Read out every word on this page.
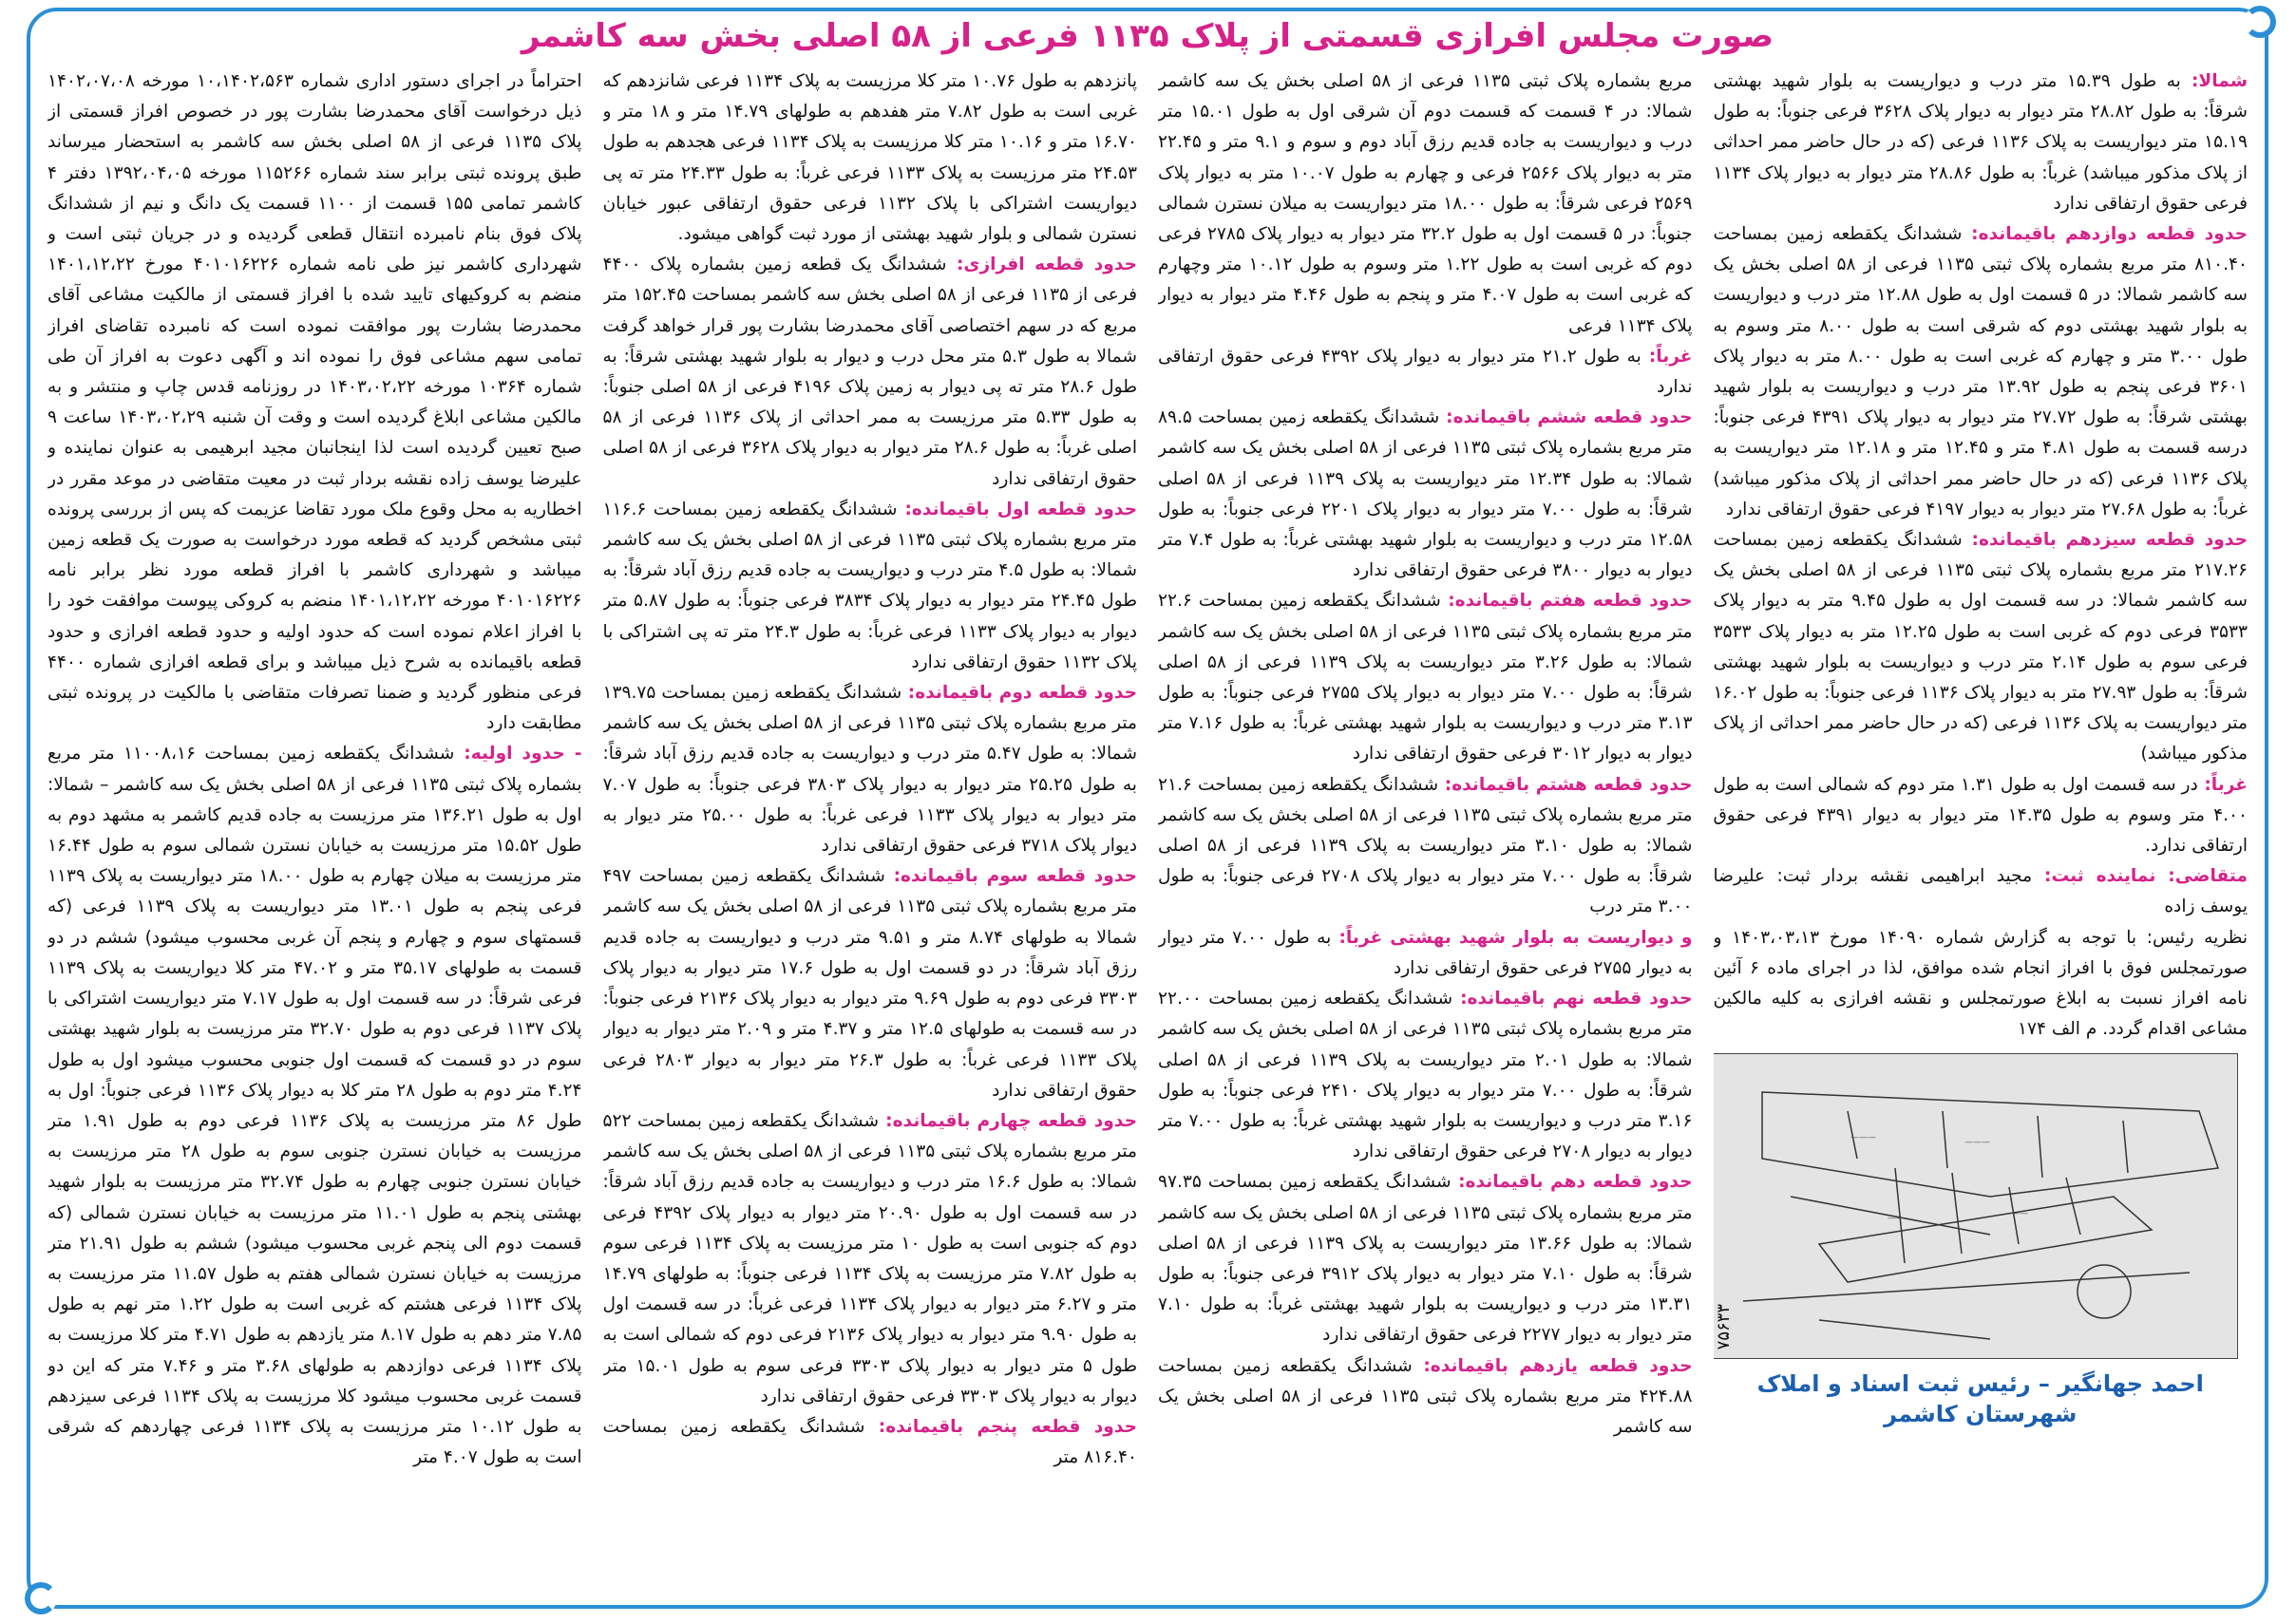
صورت مجلس افرازی قسمتی از پلاک ۱۱۳۵ فرعی از ۵۸ اصلی بخش سه کاشمر

احتراماً در اجرای دستور اداری شماره ۱۰،۱۴۰۲،۵۶۳ مورخه ۱۴۰۲،۰۷،۰۸ ذیل درخواست آقای محمدرضا بشارت پور در خصوص افراز قسمتی از پلاک ۱۱۳۵ فرعی از ۵۸ اصلی بخش سه کاشمر به استحضار میرساند طبق پرونده ثبتی برابر سند شماره ۱۱۵۲۶۶ مورخه ۱۳۹۲،۰۴،۰۵ دفتر ۴ کاشمر تمامی ۱۵۵ قسمت از ۱۱۰۰ قسمت یک دانگ و نیم از ششدانگ پلاک فوق بنام نامبرده انتقال قطعی گردیده و در جریان ثبتی است و شهرداری کاشمر نیز طی نامه شماره ۴۰۱۰۱۶۲۲۶ مورخ ۱۴۰۱،۱۲،۲۲ منضم به کروکیهای تایید شده با افراز قسمتی از مالکیت مشاعی آقای محمدرضا بشارت پور موافقت نموده است که نامبرده تقاضای افراز تمامی سهم مشاعی فوق را نموده اند و آگهی دعوت به افراز آن طی شماره ۱۰۳۶۴ مورخه ۱۴۰۳،۰۲،۲۲ در روزنامه قدس چاپ و منتشر و به مالکین مشاعی ابلاغ گردیده است و وقت آن شنبه ۱۴۰۳،۰۲،۲۹ ساعت ۹ صبح تعیین گردیده است لذا اینجانبان مجید ابرهیمی به عنوان نماینده و علیرضا یوسف زاده نقشه بردار ثبت در معیت متقاضی در موعد مقرر در اخطاریه به محل وقوع ملک مورد تقاضا عزیمت که پس از بررسی پرونده ثبتی مشخص گردید که قطعه مورد درخواست به صورت یک قطعه زمین میباشد و شهرداری کاشمر با افراز قطعه مورد نظر برابر نامه ۴۰۱۰۱۶۲۲۶ مورخه ۱۴۰۱،۱۲،۲۲ منضم به کروکی پیوست موافقت خود را با افراز اعلام نموده است که حدود اولیه و حدود قطعه افرازی و حدود قطعه باقیمانده به شرح ذیل میباشد و برای قطعه افرازی شماره ۴۴۰۰ فرعی منظور گردید و ضمنا تصرفات متقاضی با مالکیت در پرونده ثبتی مطابقت دارد

- حدود اولیه: ششدانگ یکقطعه زمین بمساحت ۱۱۰۰۸،۱۶ متر مربع بشماره پلاک ثبتی ۱۱۳۵ فرعی از ۵۸ اصلی بخش یک سه کاشمر – شمالا: اول به طول ۱۳۶.۲۱ متر مرزیست به جاده قدیم کاشمر به مشهد دوم به طول ۱۵.۵۲ متر مرزیست به خیابان نسترن شمالی سوم به طول ۱۶.۴۴ متر مرزیست به میلان چهارم به طول ۱۸.۰۰ متر دیواریست به پلاک ۱۱۳۹ فرعی پنجم به طول ۱۳.۰۱ متر دیواریست به پلاک ۱۱۳۹ فرعی (که قسمتهای سوم و چهارم و پنجم آن غربی محسوب میشود) ششم در دو قسمت به طولهای ۳۵.۱۷ متر و ۴۷.۰۲ متر کلا دیواریست به پلاک ۱۱۳۹ فرعی شرقاً: در سه قسمت اول به طول ۷.۱۷ متر دیواریست اشتراکی با پلاک ۱۱۳۷ فرعی دوم به طول ۳۲.۷۰ متر مرزیست به بلوار شهید بهشتی سوم در دو قسمت که قسمت اول جنوبی محسوب میشود اول به طول ۴.۲۴ متر دوم به طول ۲۸ متر کلا به دیوار پلاک ۱۱۳۶ فرعی جنوباً: اول به طول ۸۶ متر مرزیست به پلاک ۱۱۳۶ فرعی دوم به طول ۱.۹۱ متر مرزیست به خیابان نسترن جنوبی سوم به طول ۲۸ متر مرزیست به خیابان نسترن جنوبی چهارم به طول ۳۲.۷۴ متر مرزیست به بلوار شهید بهشتی پنجم به طول ۱۱.۰۱ متر مرزیست به خیابان نسترن شمالی (که قسمت دوم الی پنجم غربی محسوب میشود) ششم به طول ۲۱.۹۱ متر مرزیست به خیابان نسترن شمالی هفتم به طول ۱۱.۵۷ متر مرزیست به پلاک ۱۱۳۴ فرعی هشتم که غربی است به طول ۱.۲۲ متر نهم به طول ۷.۸۵ متر دهم به طول ۸.۱۷ متر یازدهم به طول ۴.۷۱ متر کلا مرزیست به پلاک ۱۱۳۴ فرعی دوازدهم به طولهای ۳.۶۸ متر و ۷.۴۶ متر که این دو قسمت غربی محسوب میشود کلا مرزیست به پلاک ۱۱۳۴ فرعی سیزدهم به طول ۱۰.۱۲ متر مرزیست به پلاک ۱۱۳۴ فرعی چهاردهم که شرقی است به طول ۴.۰۷ متر

پانزدهم به طول ۱۰.۷۶ متر کلا مرزیست به پلاک ۱۱۳۴ فرعی شانزدهم که غربی است به طول ۷.۸۲ متر هفدهم به طولهای ۱۴.۷۹ متر و ۱۸ متر و ۱۶.۷۰ متر و ۱۰.۱۶ متر کلا مرزیست به پلاک ۱۱۳۴ فرعی هجدهم به طول ۲۴.۵۳ متر مرزیست به پلاک ۱۱۳۳ فرعی غرباً: به طول ۲۴.۳۳ متر ته پی دیواریست اشتراکی با پلاک ۱۱۳۲ فرعی حقوق ارتفاقی عبور خیابان نسترن شمالی و بلوار شهید بهشتی از مورد ثبت گواهی میشود.

حدود قطعه افرازی: ششدانگ یک قطعه زمین بشماره پلاک ۴۴۰۰ فرعی از ۱۱۳۵ فرعی از ۵۸ اصلی بخش سه کاشمر بمساحت ۱۵۲.۴۵ متر مربع که در سهم اختصاصی آقای محمدرضا بشارت پور قرار خواهد گرفت شمالا به طول ۵.۳ متر محل درب و دیوار به بلوار شهید بهشتی شرقاً: به طول ۲۸.۶ متر ته پی دیوار به زمین پلاک ۴۱۹۶ فرعی از ۵۸ اصلی جنوباً: به طول ۵.۳۳ متر مرزیست به ممر احداثی از پلاک ۱۱۳۶ فرعی از ۵۸ اصلی غرباً: به طول ۲۸.۶ متر دیوار به دیوار پلاک ۳۶۲۸ فرعی از ۵۸ اصلی حقوق ارتفاقی ندارد

حدود قطعه اول باقیمانده: ششدانگ یکقطعه زمین بمساحت ۱۱۶.۶ متر مربع بشماره پلاک ثبتی ۱۱۳۵ فرعی از ۵۸ اصلی بخش یک سه کاشمر شمالا: به طول ۴.۵ متر درب و دیواریست به جاده قدیم رزق آباد شرقاً: به طول ۲۴.۴۵ متر دیوار به دیوار پلاک ۳۸۳۴ فرعی جنوباً: به طول ۵.۸۷ متر دیوار به دیوار پلاک ۱۱۳۳ فرعی غرباً: به طول ۲۴.۳ متر ته پی اشتراکی با پلاک ۱۱۳۲ حقوق ارتفاقی ندارد

حدود قطعه دوم باقیمانده: ششدانگ یکقطعه زمین بمساحت ۱۳۹.۷۵ متر مربع بشماره پلاک ثبتی ۱۱۳۵ فرعی از ۵۸ اصلی بخش یک سه کاشمر شمالا: به طول ۵.۴۷ متر درب و دیواریست به جاده قدیم رزق آباد شرقاً: به طول ۲۵.۲۵ متر دیوار به دیوار پلاک ۳۸۰۳ فرعی جنوباً: به طول ۷.۰۷ متر دیوار به دیوار پلاک ۱۱۳۳ فرعی غرباً: به طول ۲۵.۰۰ متر دیوار به دیوار پلاک ۳۷۱۸ فرعی حقوق ارتفاقی ندارد

حدود قطعه سوم باقیمانده: ششدانگ یکقطعه زمین بمساحت ۴۹۷ متر مربع بشماره پلاک ثبتی ۱۱۳۵ فرعی از ۵۸ اصلی بخش یک سه کاشمر شمالا به طولهای ۸.۷۴ متر و ۹.۵۱ متر درب و دیواریست به جاده قدیم رزق آباد شرقاً: در دو قسمت اول به طول ۱۷.۶ متر دیوار به دیوار پلاک ۳۳۰۳ فرعی دوم به طول ۹.۶۹ متر دیوار به دیوار پلاک ۲۱۳۶ فرعی جنوباً: در سه قسمت به طولهای ۱۲.۵ متر و ۴.۳۷ متر و ۲.۰۹ متر دیوار به دیوار پلاک ۱۱۳۳ فرعی غرباً: به طول ۲۶.۳ متر دیوار به دیوار ۲۸۰۳ فرعی حقوق ارتفاقی ندارد

حدود قطعه چهارم باقیمانده: ششدانگ یکقطعه زمین بمساحت ۵۲۲ متر مربع بشماره پلاک ثبتی ۱۱۳۵ فرعی از ۵۸ اصلی بخش یک سه کاشمر شمالا: به طول ۱۶.۶ متر درب و دیواریست به جاده قدیم رزق آباد شرقاً: در سه قسمت اول به طول ۲۰.۹۰ متر دیوار به دیوار پلاک ۴۳۹۲ فرعی دوم که جنوبی است به طول ۱۰ متر مرزیست به پلاک ۱۱۳۴ فرعی سوم به طول ۷.۸۲ متر مرزیست به پلاک ۱۱۳۴ فرعی جنوباً: به طولهای ۱۴.۷۹ متر و ۶.۲۷ متر دیوار به دیوار پلاک ۱۱۳۴ فرعی غرباً: در سه قسمت اول به طول ۹.۹۰ متر دیوار به دیوار پلاک ۲۱۳۶ فرعی دوم که شمالی است به طول ۵ متر دیوار به دیوار پلاک ۳۳۰۳ فرعی سوم به طول ۱۵.۰۱ متر دیوار به دیوار پلاک ۳۳۰۳ فرعی حقوق ارتفاقی ندارد

حدود قطعه پنجم باقیمانده: ششدانگ یکقطعه زمین بمساحت ۸۱۶.۴۰ متر

مربع بشماره پلاک ثبتی ۱۱۳۵ فرعی از ۵۸ اصلی بخش یک سه کاشمر شمالا: در ۴ قسمت که قسمت دوم آن شرقی اول به طول ۱۵.۰۱ متر درب و دیواریست به جاده قدیم رزق آباد دوم و سوم و ۹.۱ متر و ۲۲.۴۵ متر به دیوار پلاک ۲۵۶۶ فرعی و چهارم به طول ۱۰.۰۷ متر به دیوار پلاک ۲۵۶۹ فرعی شرقاً: به طول ۱۸.۰۰ متر دیواریست به میلان نسترن شمالی جنوباً: در ۵ قسمت اول به طول ۳۲.۲ متر دیوار به دیوار پلاک ۲۷۸۵ فرعی دوم که غربی است به طول ۱.۲۲ متر وسوم به طول ۱۰.۱۲ متر وچهارم که غربی است به طول ۴.۰۷ متر و پنجم به طول ۴.۴۶ متر دیوار به دیوار پلاک ۱۱۳۴ فرعی

غرباً: به طول ۲۱.۲ متر دیوار به دیوار پلاک ۴۳۹۲ فرعی حقوق ارتفاقی ندارد

حدود قطعه ششم باقیمانده: ششدانگ یکقطعه زمین بمساحت ۸۹.۵ متر مربع بشماره پلاک ثبتی ۱۱۳۵ فرعی از ۵۸ اصلی بخش یک سه کاشمر شمالا: به طول ۱۲.۳۴ متر دیواریست به پلاک ۱۱۳۹ فرعی از ۵۸ اصلی شرقاً: به طول ۷.۰۰ متر دیوار به دیوار پلاک ۲۲۰۱ فرعی جنوباً: به طول ۱۲.۵۸ متر درب و دیواریست به بلوار شهید بهشتی غرباً: به طول ۷.۴ متر دیوار به دیوار ۳۸۰۰ فرعی حقوق ارتفاقی ندارد

حدود قطعه هفتم باقیمانده: ششدانگ یکقطعه زمین بمساحت ۲۲.۶ متر مربع بشماره پلاک ثبتی ۱۱۳۵ فرعی از ۵۸ اصلی بخش یک سه کاشمر شمالا: به طول ۳.۲۶ متر دیواریست به پلاک ۱۱۳۹ فرعی از ۵۸ اصلی شرقاً: به طول ۷.۰۰ متر دیوار به دیوار پلاک ۲۷۵۵ فرعی جنوباً: به طول ۳.۱۳ متر درب و دیواریست به بلوار شهید بهشتی غرباً: به طول ۷.۱۶ متر دیوار به دیوار ۳۰۱۲ فرعی حقوق ارتفاقی ندارد

حدود قطعه هشتم باقیمانده: ششدانگ یکقطعه زمین بمساحت ۲۱.۶ متر مربع بشماره پلاک ثبتی ۱۱۳۵ فرعی از ۵۸ اصلی بخش یک سه کاشمر شمالا: به طول ۳.۱۰ متر دیواریست به پلاک ۱۱۳۹ فرعی از ۵۸ اصلی شرقاً: به طول ۷.۰۰ متر دیوار به دیوار پلاک ۲۷۰۸ فرعی جنوباً: به طول ۳.۰۰ متر درب

و دیواریست به بلوار شهید بهشتی غرباً: به طول ۷.۰۰ متر دیوار به دیوار ۲۷۵۵ فرعی حقوق ارتفاقی ندارد

حدود قطعه نهم باقیمانده: ششدانگ یکقطعه زمین بمساحت ۲۲.۰۰ متر مربع بشماره پلاک ثبتی ۱۱۳۵ فرعی از ۵۸ اصلی بخش یک سه کاشمر شمالا: به طول ۲.۰۱ متر دیواریست به پلاک ۱۱۳۹ فرعی از ۵۸ اصلی شرقاً: به طول ۷.۰۰ متر دیوار به دیوار پلاک ۲۴۱۰ فرعی جنوباً: به طول ۳.۱۶ متر درب و دیواریست به بلوار شهید بهشتی غرباً: به طول ۷.۰۰ متر دیوار به دیوار ۲۷۰۸ فرعی حقوق ارتفاقی ندارد

حدود قطعه دهم باقیمانده: ششدانگ یکقطعه زمین بمساحت ۹۷.۳۵ متر مربع بشماره پلاک ثبتی ۱۱۳۵ فرعی از ۵۸ اصلی بخش یک سه کاشمر شمالا: به طول ۱۳.۶۶ متر دیواریست به پلاک ۱۱۳۹ فرعی از ۵۸ اصلی شرقاً: به طول ۷.۱۰ متر دیوار به دیوار پلاک ۳۹۱۲ فرعی جنوباً: به طول ۱۳.۳۱ متر درب و دیواریست به بلوار شهید بهشتی غرباً: به طول ۷.۱۰ متر دیوار به دیوار ۲۲۷۷ فرعی حقوق ارتفاقی ندارد

حدود قطعه یازدهم باقیمانده: ششدانگ یکقطعه زمین بمساحت ۴۲۴.۸۸ متر مربع بشماره پلاک ثبتی ۱۱۳۵ فرعی از ۵۸ اصلی بخش یک سه کاشمر

شمالا: به طول ۱۵.۳۹ متر درب و دیواریست به بلوار شهید بهشتی شرقاً: به طول ۲۸.۸۲ متر دیوار به دیوار پلاک ۳۶۲۸ فرعی جنوباً: به طول ۱۵.۱۹ متر دیواریست به پلاک ۱۱۳۶ فرعی (که در حال حاضر ممر احداثی از پلاک مذکور میباشد) غرباً: به طول ۲۸.۸۶ متر دیوار به دیوار پلاک ۱۱۳۴ فرعی حقوق ارتفاقی ندارد

حدود قطعه دوازدهم باقیمانده: ششدانگ یکقطعه زمین بمساحت ۸۱۰.۴۰ متر مربع بشماره پلاک ثبتی ۱۱۳۵ فرعی از ۵۸ اصلی بخش یک سه کاشمر شمالا: در ۵ قسمت اول به طول ۱۲.۸۸ متر درب و دیواریست به بلوار شهید بهشتی دوم که شرقی است به طول ۸.۰۰ متر وسوم به طول ۳.۰۰ متر و چهارم که غربی است به طول ۸.۰۰ متر به دیوار پلاک ۳۶۰۱ فرعی پنجم به طول ۱۳.۹۲ متر درب و دیواریست به بلوار شهید بهشتی شرقاً: به طول ۲۷.۷۲ متر دیوار به دیوار پلاک ۴۳۹۱ فرعی جنوباً: درسه قسمت به طول ۴.۸۱ متر و ۱۲.۴۵ متر و ۱۲.۱۸ متر دیواریست به پلاک ۱۱۳۶ فرعی (که در حال حاضر ممر احداثی از پلاک مذکور میباشد) غرباً: به طول ۲۷.۶۸ متر دیوار به دیوار ۴۱۹۷ فرعی حقوق ارتفاقی ندارد

حدود قطعه سیزدهم باقیمانده: ششدانگ یکقطعه زمین بمساحت ۲۱۷.۲۶ متر مربع بشماره پلاک ثبتی ۱۱۳۵ فرعی از ۵۸ اصلی بخش یک سه کاشمر شمالا: در سه قسمت اول به طول ۹.۴۵ متر به دیوار پلاک ۳۵۳۳ فرعی دوم که غربی است به طول ۱۲.۲۵ متر به دیوار پلاک ۳۵۳۳ فرعی سوم به طول ۲.۱۴ متر درب و دیواریست به بلوار شهید بهشتی شرقاً: به طول ۲۷.۹۳ متر به دیوار پلاک ۱۱۳۶ فرعی جنوباً: به طول ۱۶.۰۲ متر دیواریست به پلاک ۱۱۳۶ فرعی (که در حال حاضر ممر احداثی از پلاک مذکور میباشد)

غرباً: در سه قسمت اول به طول ۱.۳۱ متر دوم که شمالی است به طول ۴.۰۰ متر وسوم به طول ۱۴.۳۵ متر دیوار به دیوار ۴۳۹۱ فرعی حقوق ارتفاقی ندارد.

متقاضی: نماینده ثبت: مجید ابراهیمی نقشه بردار ثبت: علیرضا یوسف زاده

نظریه رئیس: با توجه به گزارش شماره ۱۴۰۹۰ مورخ ۱۴۰۳،۰۳،۱۳ و صورتمجلس فوق با افراز انجام شده موافق، لذا در اجرای ماده ۶ آئین نامه افراز نسبت به ابلاغ صورتمجلس و نقشه افرازی به کلیه مالکین مشاعی اقدام گردد. م الف ۱۷۴

———	———
——	——
۷۵۶۳۳
احمد جهانگیر – رئیس ثبت اسناد و املاک شهرستان کاشمر
